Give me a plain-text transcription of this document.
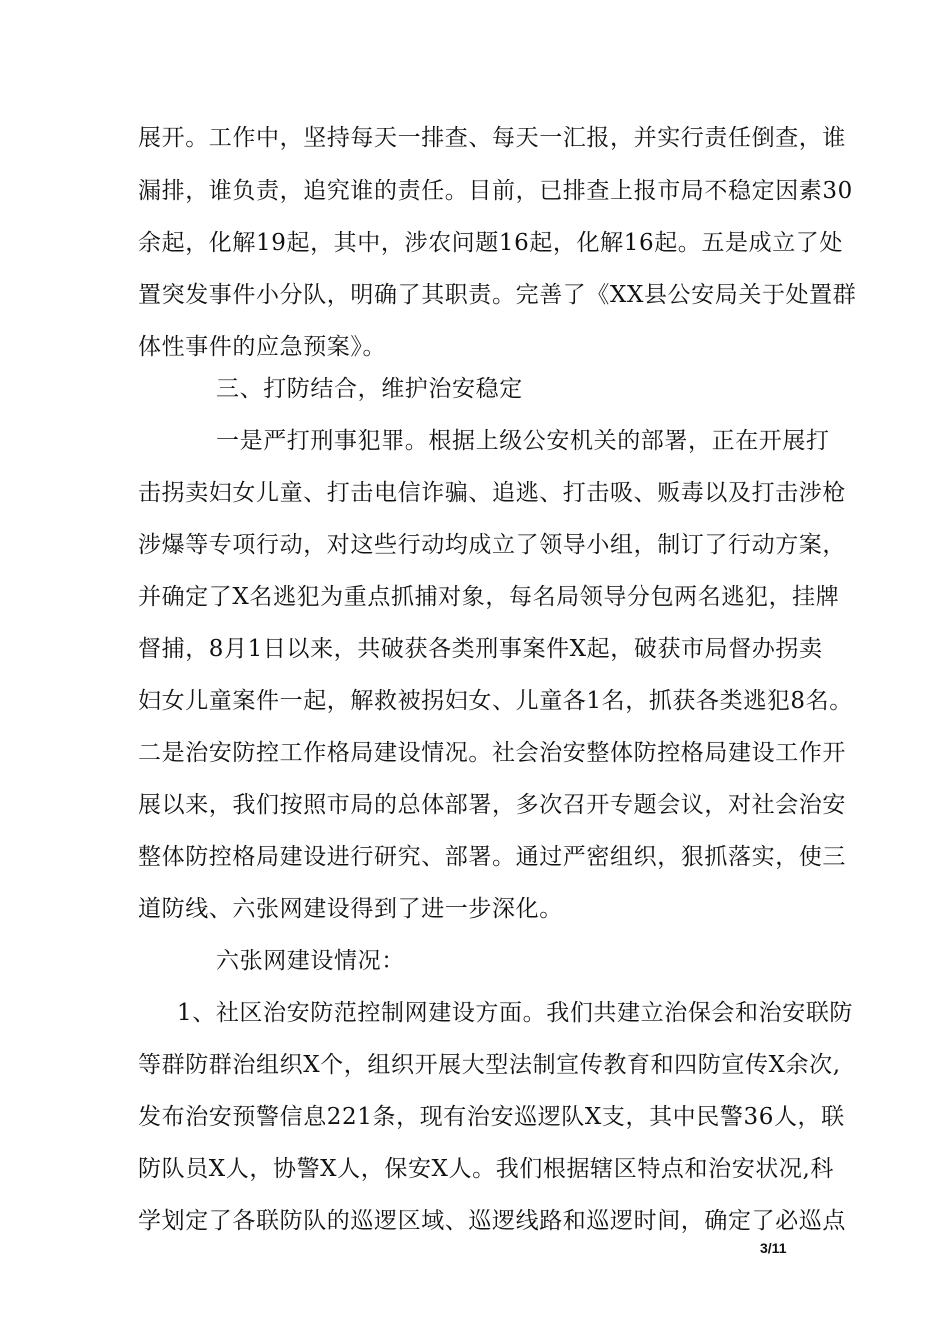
展开。工作中，坚持每天一排查、每天一汇报，并实行责任倒查，谁
漏排，谁负责，追究谁的责任。目前，已排查上报市局不稳定因素30
余起，化解19起，其中，涉农问题16起，化解16起。五是成立了处
置突发事件小分队，明确了其职责。完善了《XX县公安局关于处置群
体性事件的应急预案》。
三、打防结合，维护治安稳定
一是严打刑事犯罪。根据上级公安机关的部署，正在开展打
击拐卖妇女儿童、打击电信诈骗、追逃、打击吸、贩毒以及打击涉枪
涉爆等专项行动，对这些行动均成立了领导小组，制订了行动方案，
并确定了X名逃犯为重点抓捕对象，每名局领导分包两名逃犯，挂牌
督捕，8月1日以来，共破获各类刑事案件X起，破获市局督办拐卖
妇女儿童案件一起，解救被拐妇女、儿童各1名，抓获各类逃犯8名。
二是治安防控工作格局建设情况。社会治安整体防控格局建设工作开
展以来，我们按照市局的总体部署，多次召开专题会议，对社会治安
整体防控格局建设进行研究、部署。通过严密组织，狠抓落实，使三
道防线、六张网建设得到了进一步深化。
六张网建设情况：
1、社区治安防范控制网建设方面。我们共建立治保会和治安联防
等群防群治组织X个，组织开展大型法制宣传教育和四防宣传X余次,
发布治安预警信息221条，现有治安巡逻队X支，其中民警36人，联
防队员X人，协警X人，保安X人。我们根据辖区特点和治安状况,科
学划定了各联防队的巡逻区域、巡逻线路和巡逻时间，确定了必巡点
3/11
